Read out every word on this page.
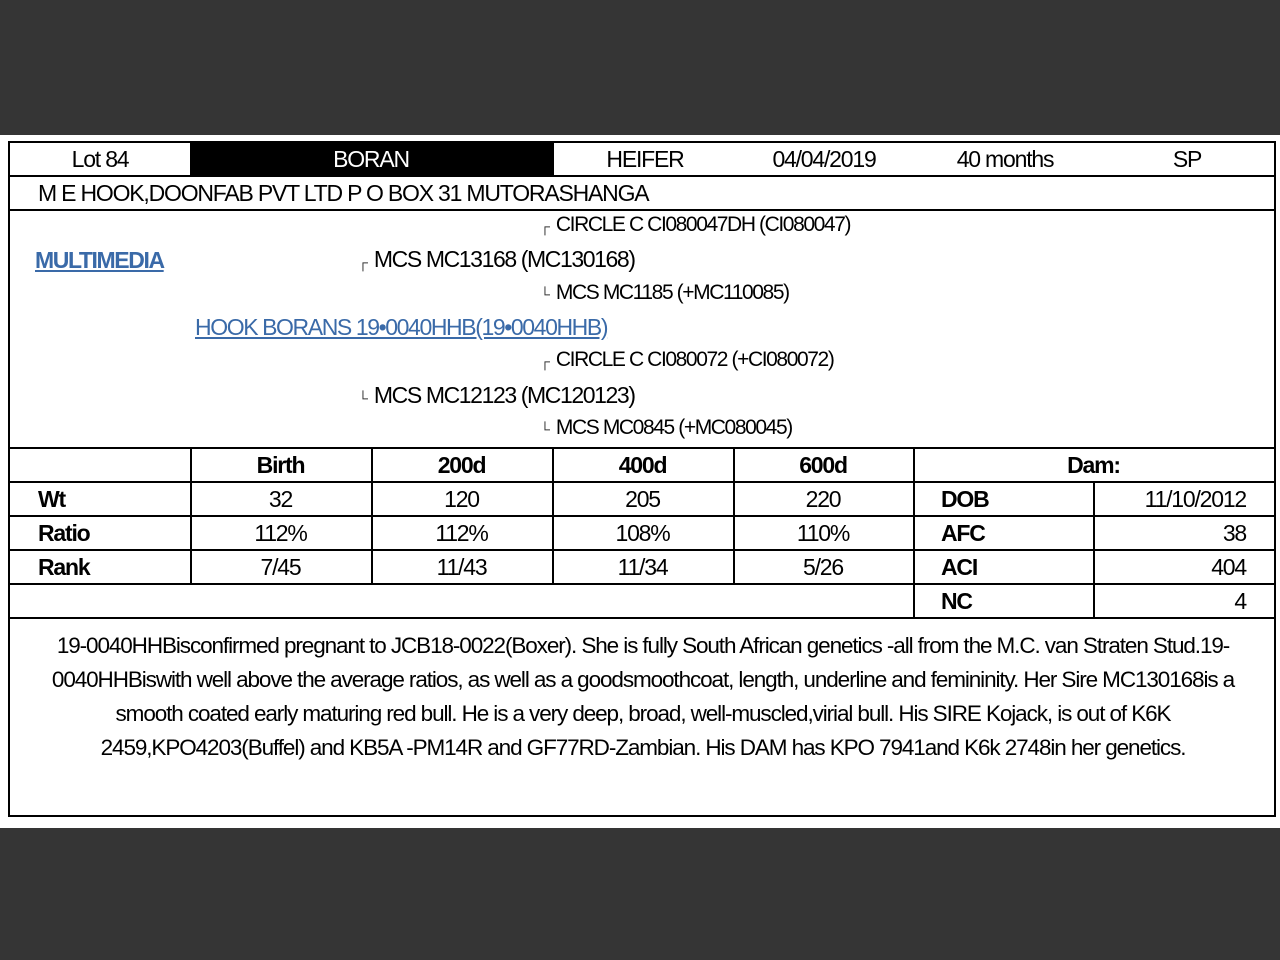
Lot 84	BORAN	HEIFER	04/04/2019	40 months	SP
M E HOOK,DOONFAB PVT LTD P O BOX 31 MUTORASHANGA
MULTIMEDIA
┌ CIRCLE C CI080047DH (CI080047)
┌ MCS MC13168 (MC130168)
└ MCS MC1185 (+MC110085)
HOOK BORANS 19•0040HHB(19•0040HHB)
┌ CIRCLE C CI080072 (+CI080072)
└ MCS MC12123 (MC120123)
└ MCS MC0845 (+MC080045)
Birth	200d	400d	600d	Dam:
Wt	32	120	205	220
Ratio	112%	112%	108%	110%
Rank	7/45	11/43	11/34	5/26
DOB	11/10/2012
AFC	38
ACI	404
NC	4
19-0040HHBisconfirmed pregnant to JCB18-0022(Boxer). She is fully South African genetics -all from the M.C. van Straten Stud.19-0040HHBiswith well above the average ratios, as well as a goodsmoothcoat, length, underline and femininity. Her Sire MC130168is a smooth coated early maturing red bull. He is a very deep, broad, well-muscled,virial bull. His SIRE Kojack, is out of K6K 2459,KPO4203(Buffel) and KB5A -PM14R and GF77RD-Zambian. His DAM has KPO 7941and K6k 2748in her genetics.
